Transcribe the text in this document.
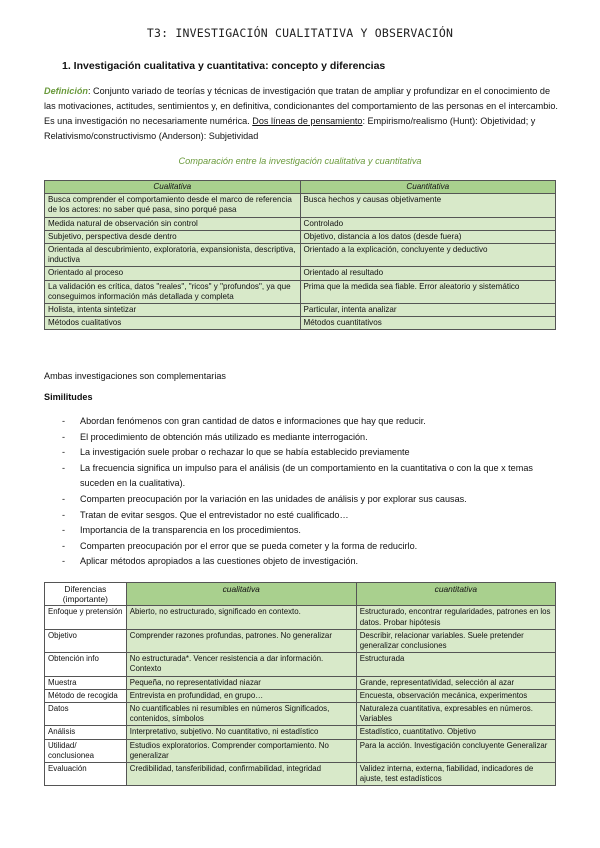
T3: INVESTIGACIÓN CUALITATIVA Y OBSERVACIÓN
1. Investigación cualitativa y cuantitativa: concepto y diferencias
Definición: Conjunto variado de teorías y técnicas de investigación que tratan de ampliar y profundizar en el conocimiento de las motivaciones, actitudes, sentimientos y, en definitiva, condicionantes del comportamiento de las personas en el intercambio. Es una investigación no necesariamente numérica. Dos líneas de pensamiento: Empirismo/realismo (Hunt): Objetividad; y Relativismo/constructivismo (Anderson): Subjetividad
Comparación entre la investigación cualitativa y cuantitativa
Cualitativa	Cuantitativa
Busca comprender el comportamiento desde el marco de referencia de los actores: no saber qué pasa, sino porqué pasa	Busca hechos y causas objetivamente
Medida natural de observación sin control	Controlado
Subjetivo, perspectiva desde dentro	Objetivo, distancia a los datos (desde fuera)
Orientada al descubrimiento, exploratoria, expansionista, descriptiva, inductiva	Orientado a la explicación, concluyente y deductivo
Orientado al proceso	Orientado al resultado
La validación es crítica, datos "reales", "ricos" y "profundos", ya que conseguimos información más detallada y completa	Prima que la medida sea fiable. Error aleatorio y sistemático
Holista, intenta sintetizar	Particular, intenta analizar
Métodos cualitativos	Métodos cuantitativos
Ambas investigaciones son complementarias
Similitudes
- Abordan fenómenos con gran cantidad de datos e informaciones que hay que reducir.
- El procedimiento de obtención más utilizado es mediante interrogación.
- La investigación suele probar o rechazar lo que se había establecido previamente
- La frecuencia significa un impulso para el análisis (de un comportamiento en la cuantitativa o con la que x temas suceden en la cualitativa).
- Comparten preocupación por la variación en las unidades de análisis y por explorar sus causas.
- Tratan de evitar sesgos. Que el entrevistador no esté cualificado…
- Importancia de la transparencia en los procedimientos.
- Comparten preocupación por el error que se pueda cometer y la forma de reducirlo.
- Aplicar métodos apropiados a las cuestiones objeto de investigación.
Diferencias (importante)	cualitativa	cuantitativa
Enfoque y pretensión	Abierto, no estructurado, significado en contexto.	Estructurado, encontrar regularidades, patrones en los datos. Probar hipótesis
Objetivo	Comprender razones profundas, patrones. No generalizar	Describir, relacionar variables. Suele pretender generalizar conclusiones
Obtención info	No estructurada*. Vencer resistencia a dar información. Contexto	Estructurada
Muestra	Pequeña, no representatividad niazar	Grande, representatividad, selección al azar
Método de recogida	Entrevista en profundidad, en grupo…	Encuesta, observación mecánica, experimentos
Datos	No cuantificables ni resumibles en números Significados, contenidos, símbolos	Naturaleza cuantitativa, expresables en números. Variables
Análisis	Interpretativo, subjetivo. No cuantitativo, ni estadístico	Estadístico, cuantitativo. Objetivo
Utilidad/ conclusionea	Estudios exploratorios. Comprender comportamiento. No generalizar	Para la acción. Investigación concluyente Generalizar
Evaluación	Credibilidad, tansferibilidad, confirmabilidad, integridad	Validez interna, externa, fiabilidad, indicadores de ajuste, test estadísticos
